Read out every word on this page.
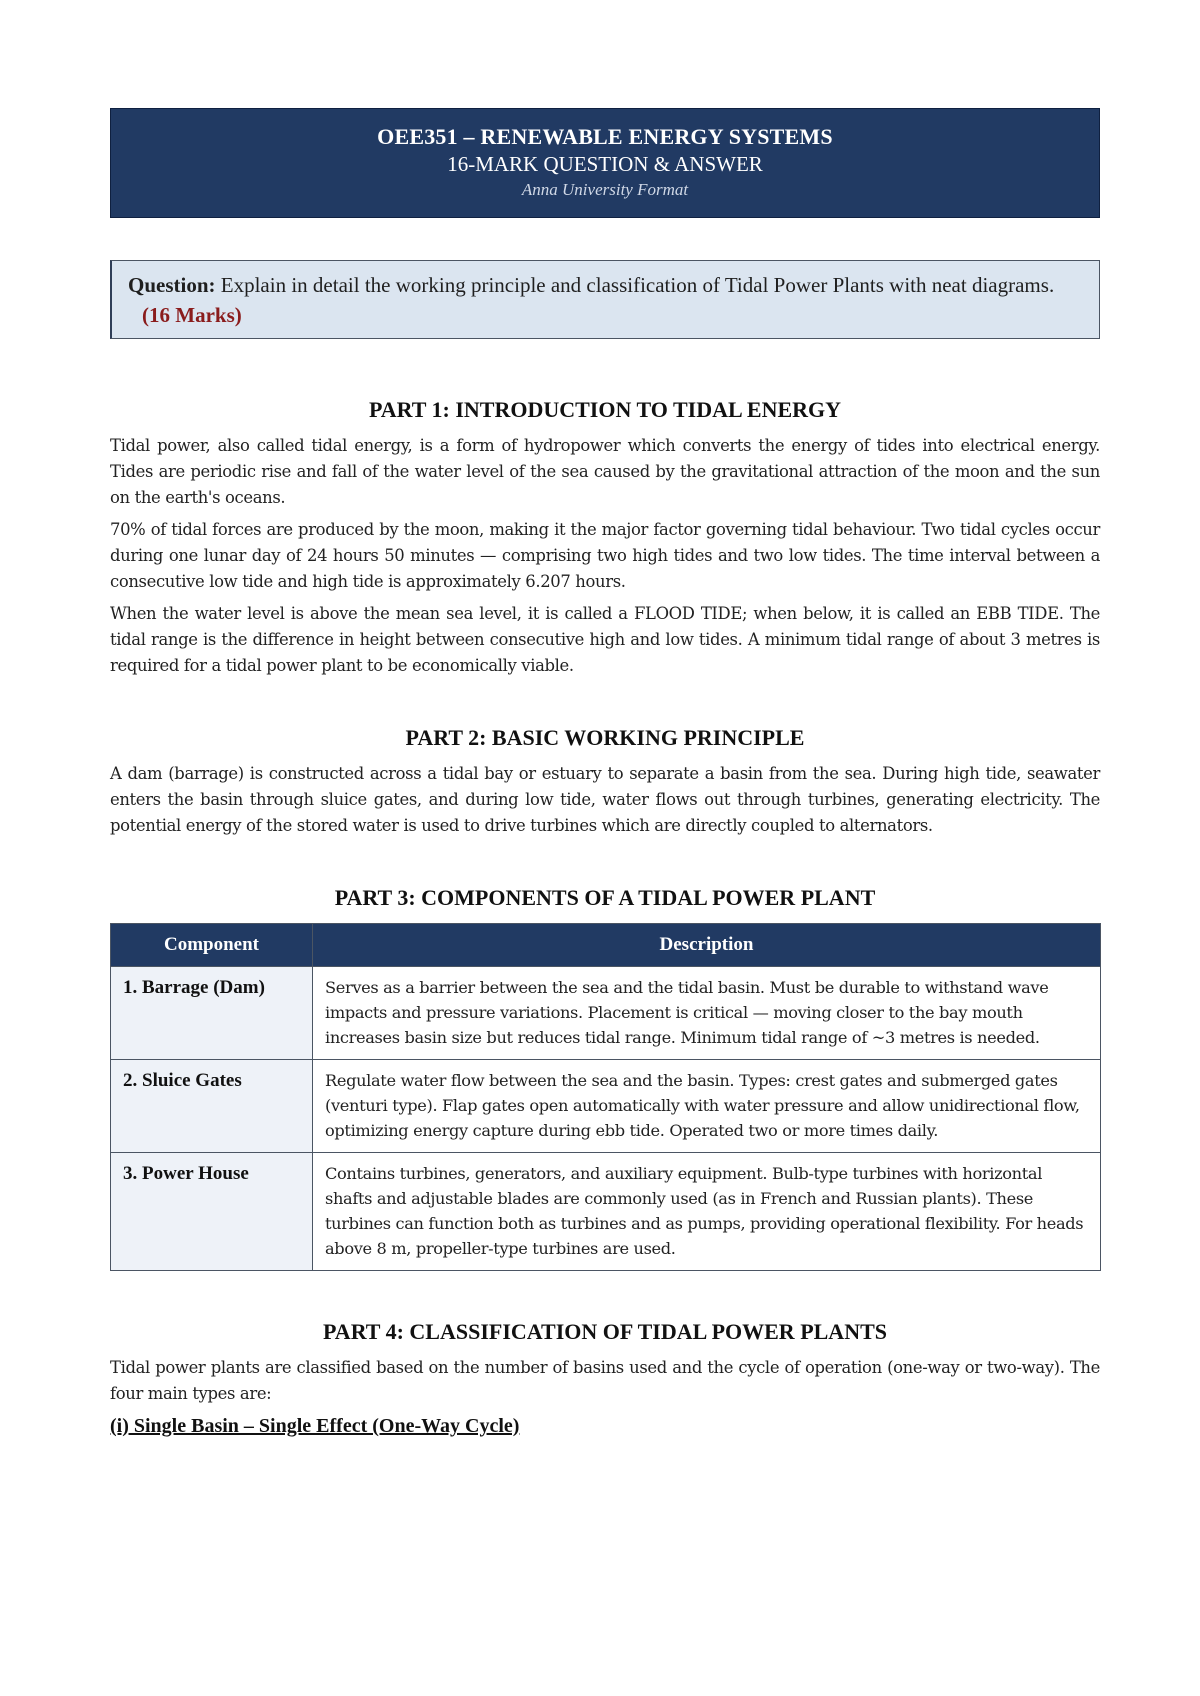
OEE351 – RENEWABLE ENERGY SYSTEMS
16-MARK QUESTION & ANSWER
Anna University Format
Question: Explain in detail the working principle and classification of Tidal Power Plants with neat diagrams.(16 Marks)
PART 1: INTRODUCTION TO TIDAL ENERGY

Tidal power, also called tidal energy, is a form of hydropower which converts the energy of tides into electrical energy. Tides are periodic rise and fall of the water level of the sea caused by the gravitational attraction of the moon and the sun on the earth's oceans.

70% of tidal forces are produced by the moon, making it the major factor governing tidal behaviour. Two tidal cycles occur during one lunar day of 24 hours 50 minutes — comprising two high tides and two low tides. The time interval between a consecutive low tide and high tide is approximately 6.207 hours.

When the water level is above the mean sea level, it is called a FLOOD TIDE; when below, it is called an EBB TIDE. The tidal range is the difference in height between consecutive high and low tides. A minimum tidal range of about 3 metres is required for a tidal power plant to be economically viable.

PART 2: BASIC WORKING PRINCIPLE

A dam (barrage) is constructed across a tidal bay or estuary to separate a basin from the sea. During high tide, seawater enters the basin through sluice gates, and during low tide, water flows out through turbines, generating electricity. The potential energy of the stored water is used to drive turbines which are directly coupled to alternators.

PART 3: COMPONENTS OF A TIDAL POWER PLANT
Component	Description
1. Barrage (Dam)	Serves as a barrier between the sea and the tidal basin. Must be durable to withstand wave impacts and pressure variations. Placement is critical — moving closer to the bay mouth increases basin size but reduces tidal range. Minimum tidal range of ~3 metres is needed.
2. Sluice Gates	Regulate water flow between the sea and the basin. Types: crest gates and submerged gates (venturi type). Flap gates open automatically with water pressure and allow unidirectional flow, optimizing energy capture during ebb tide. Operated two or more times daily.
3. Power House	Contains turbines, generators, and auxiliary equipment. Bulb-type turbines with horizontal shafts and adjustable blades are commonly used (as in French and Russian plants). These turbines can function both as turbines and as pumps, providing operational flexibility. For heads above 8 m, propeller-type turbines are used.
PART 4: CLASSIFICATION OF TIDAL POWER PLANTS

Tidal power plants are classified based on the number of basins used and the cycle of operation (one-way or two-way). The four main types are:

(i) Single Basin – Single Effect (One-Way Cycle)
